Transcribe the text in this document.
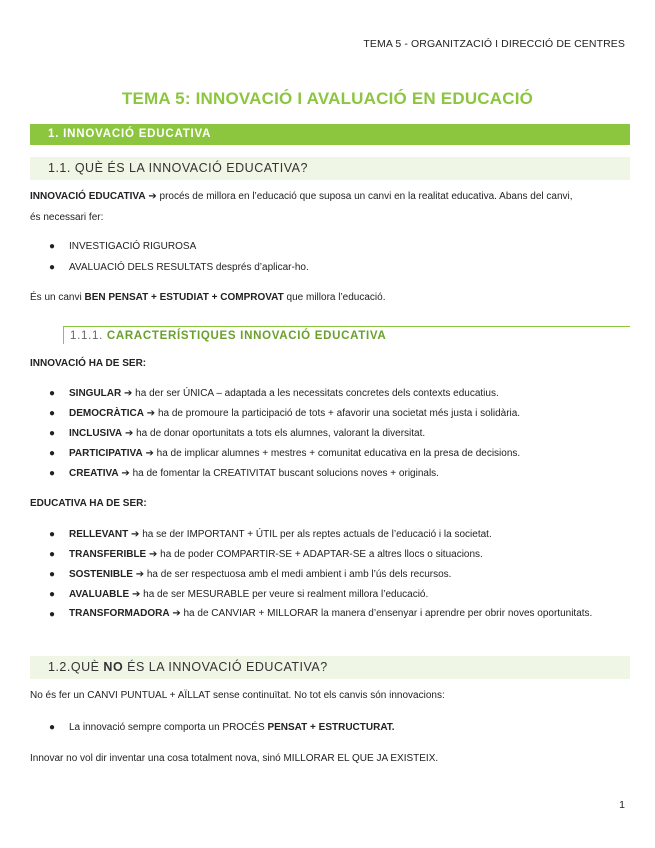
TEMA 5 - ORGANITZACIÓ I DIRECCIÓ DE CENTRES
TEMA 5: INNOVACIÓ I AVALUACIÓ EN EDUCACIÓ
1. INNOVACIÓ EDUCATIVA
1.1. QUÈ ÉS LA INNOVACIÓ EDUCATIVA?
INNOVACIÓ EDUCATIVA ➔ procés de millora en l’educació que suposa un canvi en la realitat educativa. Abans del canvi,
és necessari fer:
● INVESTIGACIÓ RIGUROSA
● AVALUACIÓ DELS RESULTATS després d’aplicar-ho.
És un canvi BEN PENSAT + ESTUDIAT + COMPROVAT que millora l’educació.
1.1.1. CARACTERÍSTIQUES INNOVACIÓ EDUCATIVA
INNOVACIÓ HA DE SER:
● SINGULAR ➔ ha der ser ÚNICA – adaptada a les necessitats concretes dels contexts educatius.
● DEMOCRÀTICA ➔ ha de promoure la participació de tots + afavorir una societat més justa i solidària.
● INCLUSIVA ➔ ha de donar oportunitats a tots els alumnes, valorant la diversitat.
● PARTICIPATIVA ➔ ha de implicar alumnes + mestres + comunitat educativa en la presa de decisions.
● CREATIVA ➔ ha de fomentar la CREATIVITAT buscant solucions noves + originals.
EDUCATIVA HA DE SER:
● RELLEVANT ➔ ha se der IMPORTANT + ÚTIL per als reptes actuals de l’educació i la societat.
● TRANSFERIBLE ➔ ha de poder COMPARTIR-SE + ADAPTAR-SE a altres llocs o situacions.
● SOSTENIBLE ➔ ha de ser respectuosa amb el medi ambient i amb l’ús dels recursos.
● AVALUABLE ➔ ha de ser MESURABLE per veure si realment millora l’educació.
● TRANSFORMADORA ➔ ha de CANVIAR + MILLORAR la manera d’ensenyar i aprendre per obrir noves oportunitats.
1.2.QUÈ NO ÉS LA INNOVACIÓ EDUCATIVA?
No és fer un CANVI PUNTUAL + AÏLLAT sense continuïtat. No tot els canvis són innovacions:
● La innovació sempre comporta un PROCÉS PENSAT + ESTRUCTURAT.
Innovar no vol dir inventar una cosa totalment nova, sinó MILLORAR EL QUE JA EXISTEIX.
1
